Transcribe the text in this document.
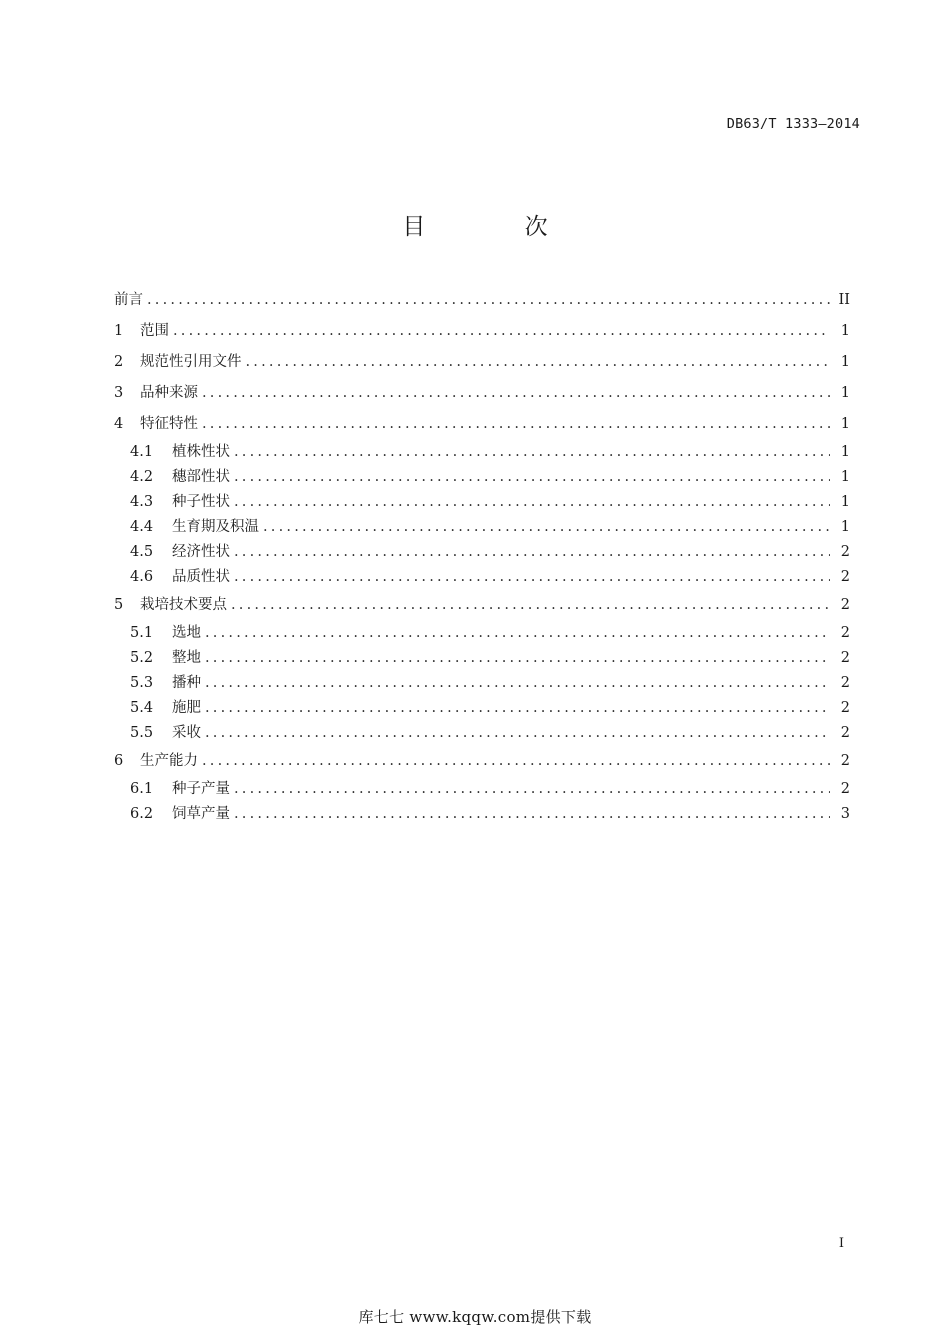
DB63/T 1333—2014
目 次
前言 .....	II
1	范围 .....	1
2	规范性引用文件 .....	1
3	品种来源 .....	1
4	特征特性 .....	1
4.1	植株性状 .....	1
4.2	穗部性状 .....	1
4.3	种子性状 .....	1
4.4	生育期及积温 .....	1
4.5	经济性状 .....	2
4.6	品质性状 .....	2
5	栽培技术要点 .....	2
5.1	选地 .....	2
5.2	整地 .....	2
5.3	播种 .....	2
5.4	施肥 .....	2
5.5	采收 .....	2
6	生产能力 .....	2
6.1	种子产量 .....	2
6.2	饲草产量 .....	3
I
库七七 www.kqqw.com提供下载
